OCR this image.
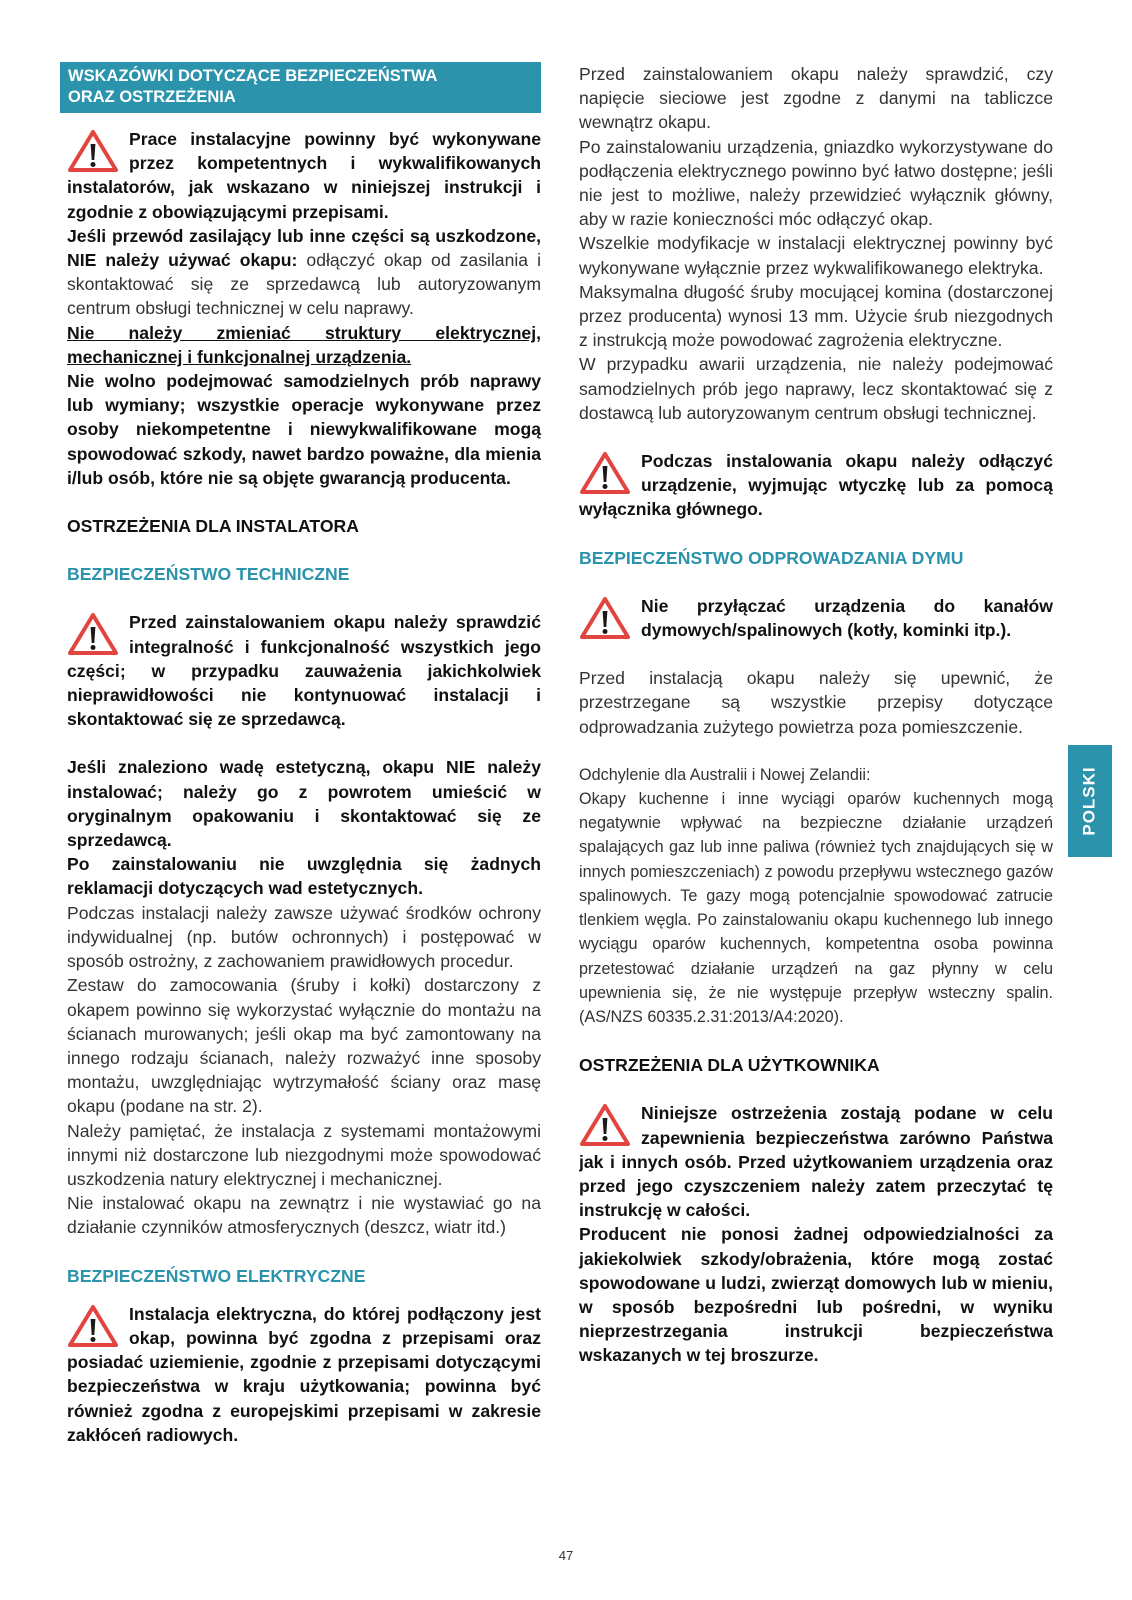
WSKAZÓWKI DOTYCZĄCE BEZPIECZEŃSTWA
ORAZ OSTRZEŻENIA

Prace instalacyjne powinny być wykonywane przez kompetentnych i wykwalifikowanych instalatorów, jak wskazano w niniejszej instrukcji i zgodnie z obowiązującymi przepisami.

Jeśli przewód zasilający lub inne części są uszkodzone, NIE należy używać okapu: odłączyć okap od zasilania i skontaktować się ze sprzedawcą lub autoryzowanym centrum obsługi technicznej w celu naprawy.

Nie należy zmieniać struktury elektrycznej, mechanicznej i funkcjonalnej urządzenia.

Nie wolno podejmować samodzielnych prób naprawy lub wymiany; wszystkie operacje wykonywane przez osoby niekompetentne i niewykwalifikowane mogą spowodować szkody, nawet bardzo poważne, dla mienia i/lub osób, które nie są objęte gwarancją producenta.

OSTRZEŻENIA DLA INSTALATORA

BEZPIECZEŃSTWO TECHNICZNE

Przed zainstalowaniem okapu należy sprawdzić integralność i funkcjonalność wszystkich jego części; w przypadku zauważenia jakichkolwiek nieprawidłowości nie kontynuować instalacji i skontaktować się ze sprzedawcą.

Jeśli znaleziono wadę estetyczną, okapu NIE należy instalować; należy go z powrotem umieścić w oryginalnym opakowaniu i skontaktować się ze sprzedawcą.

Po zainstalowaniu nie uwzględnia się żadnych reklamacji dotyczących wad estetycznych.

Podczas instalacji należy zawsze używać środków ochrony indywidualnej (np. butów ochronnych) i postępować w sposób ostrożny, z zachowaniem prawidłowych procedur.

Zestaw do zamocowania (śruby i kołki) dostarczony z okapem powinno się wykorzystać wyłącznie do montażu na ścianach murowanych; jeśli okap ma być zamontowany na innego rodzaju ścianach, należy rozważyć inne sposoby montażu, uwzględniając wytrzymałość ściany oraz masę okapu (podane na str. 2).

Należy pamiętać, że instalacja z systemami montażowymi innymi niż dostarczone lub niezgodnymi może spowodować uszkodzenia natury elektrycznej i mechanicznej.

Nie instalować okapu na zewnątrz i nie wystawiać go na działanie czynników atmosferycznych (deszcz, wiatr itd.)

BEZPIECZEŃSTWO ELEKTRYCZNE

Instalacja elektryczna, do której podłączony jest okap, powinna być zgodna z przepisami oraz posiadać uziemienie, zgodnie z przepisami dotyczącymi bezpieczeństwa w kraju użytkowania; powinna być również zgodna z europejskimi przepisami w zakresie zakłóceń radiowych.

Przed zainstalowaniem okapu należy sprawdzić, czy napięcie sieciowe jest zgodne z danymi na tabliczce wewnątrz okapu.

Po zainstalowaniu urządzenia, gniazdko wykorzystywane do podłączenia elektrycznego powinno być łatwo dostępne; jeśli nie jest to możliwe, należy przewidzieć wyłącznik główny, aby w razie konieczności móc odłączyć okap.

Wszelkie modyfikacje w instalacji elektrycznej powinny być wykonywane wyłącznie przez wykwalifikowanego elektryka.

Maksymalna długość śruby mocującej komina (dostarczonej przez producenta) wynosi 13 mm. Użycie śrub niezgodnych z instrukcją może powodować zagrożenia elektryczne.

W przypadku awarii urządzenia, nie należy podejmować samodzielnych prób jego naprawy, lecz skontaktować się z dostawcą lub autoryzowanym centrum obsługi technicznej.

Podczas instalowania okapu należy odłączyć urządzenie, wyjmując wtyczkę lub za pomocą wyłącznika głównego.

BEZPIECZEŃSTWO ODPROWADZANIA DYMU

Nie przyłączać urządzenia do kanałów dymowych/spalinowych (kotły, kominki itp.).

Przed instalacją okapu należy się upewnić, że przestrzegane są wszystkie przepisy dotyczące odprowadzania zużytego powietrza poza pomieszczenie.

Odchylenie dla Australii i Nowej Zelandii:

Okapy kuchenne i inne wyciągi oparów kuchennych mogą negatywnie wpływać na bezpieczne działanie urządzeń spalających gaz lub inne paliwa (również tych znajdujących się w innych pomieszczeniach) z powodu przepływu wstecznego gazów spalinowych. Te gazy mogą potencjalnie spowodować zatrucie tlenkiem węgla. Po zainstalowaniu okapu kuchennego lub innego wyciągu oparów kuchennych, kompetentna osoba powinna przetestować działanie urządzeń na gaz płynny w celu upewnienia się, że nie występuje przepływ wsteczny spalin. (AS/NZS 60335.2.31:2013/A4:2020).

OSTRZEŻENIA DLA UŻYTKOWNIKA

Niniejsze ostrzeżenia zostają podane w celu zapewnienia bezpieczeństwa zarówno Państwa jak i innych osób. Przed użytkowaniem urządzenia oraz przed jego czyszczeniem należy zatem przeczytać tę instrukcję w całości.

Producent nie ponosi żadnej odpowiedzialności za jakiekolwiek szkody/obrażenia, które mogą zostać spowodowane u ludzi, zwierząt domowych lub w mieniu, w sposób bezpośredni lub pośredni, w wyniku nieprzestrzegania instrukcji bezpieczeństwa wskazanych w tej broszurze.

POLSKI
47
